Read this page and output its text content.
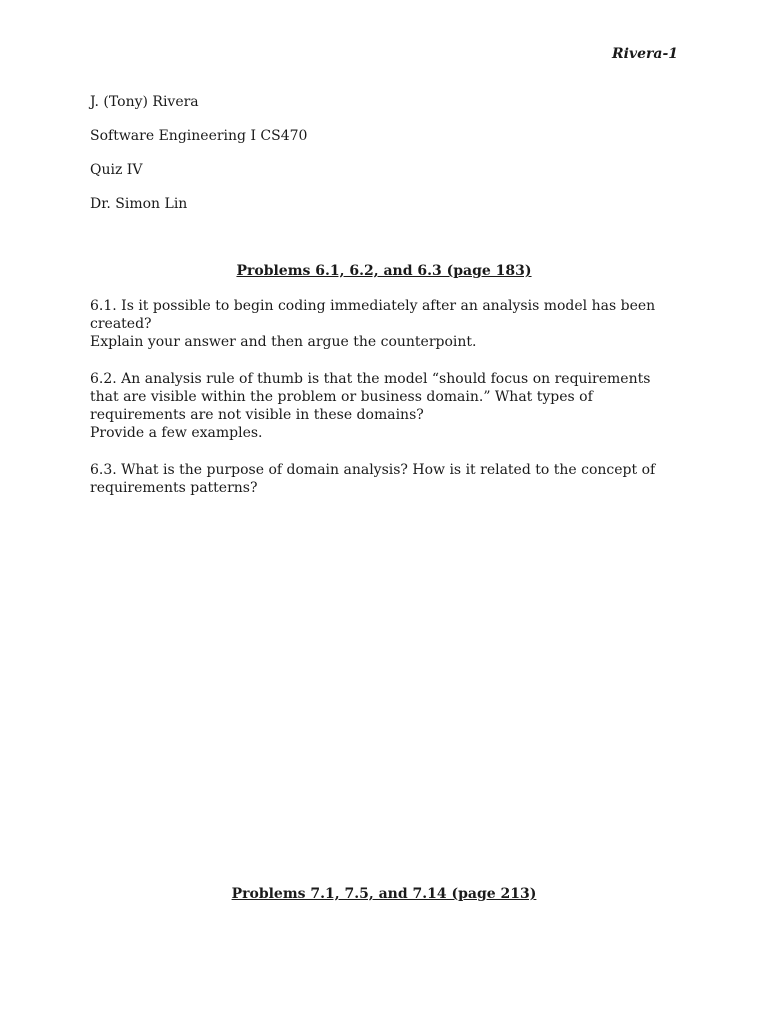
Rivera-1
J. (Tony) Rivera
Software Engineering I CS470
Quiz IV
Dr. Simon Lin
Problems 6.1, 6.2, and 6.3 (page 183)
6.1. Is it possible to begin coding immediately after an analysis model has been
created?
Explain your answer and then argue the counterpoint.
6.2. An analysis rule of thumb is that the model “should focus on requirements
that are visible within the problem or business domain.” What types of
requirements are not visible in these domains?
Provide a few examples.
6.3. What is the purpose of domain analysis? How is it related to the concept of
requirements patterns?
Problems 7.1, 7.5, and 7.14 (page 213)
